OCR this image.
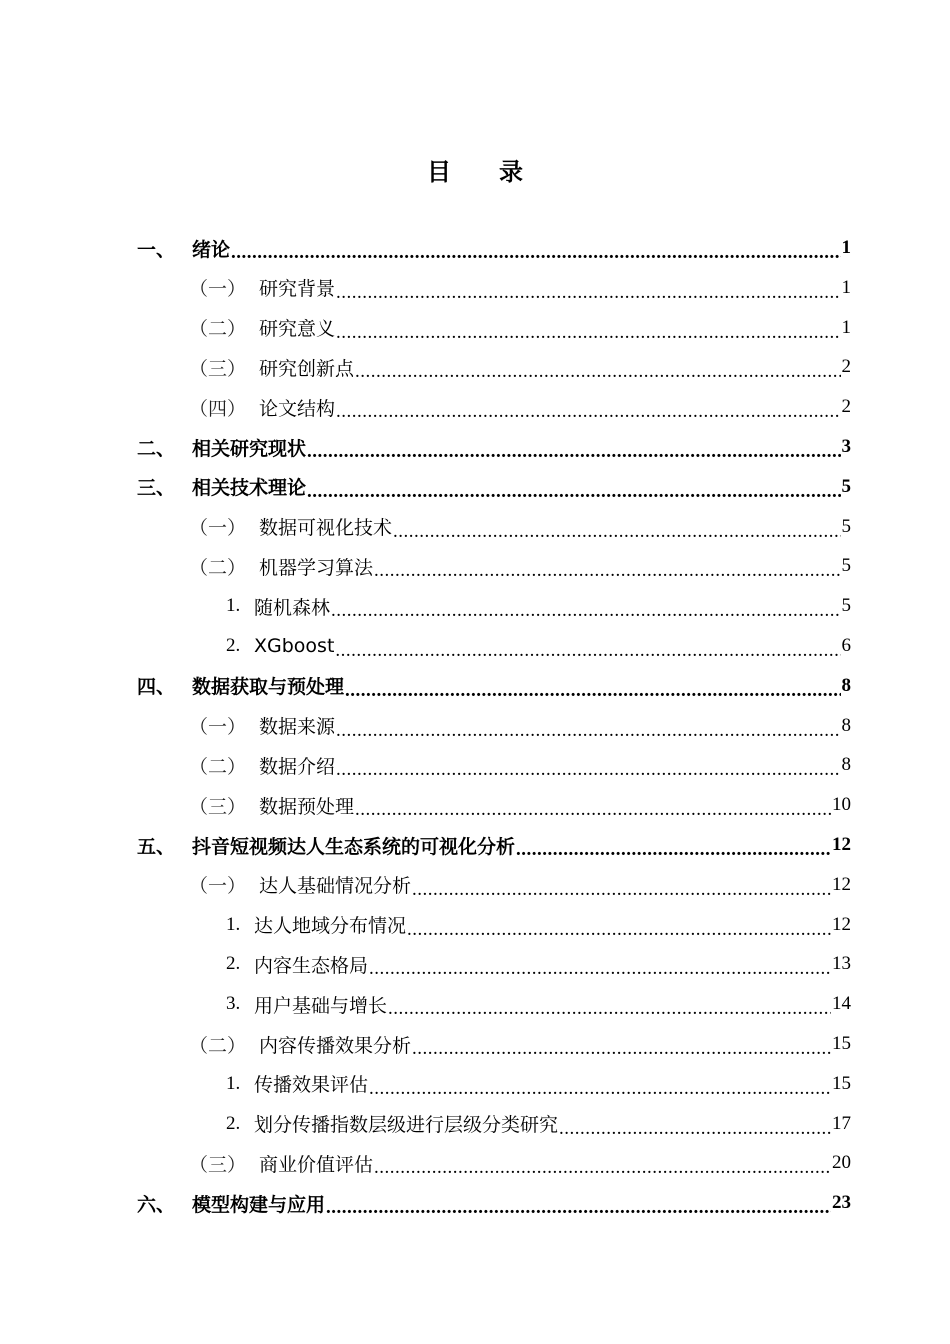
目录
一、 绪论 .....	1
（一） 研究背景 .....	1
（二） 研究意义 .....	1
（三） 研究创新点 .....	2
（四） 论文结构 .....	2
二、 相关研究现状 .....	3
三、 相关技术理论 .....	5
（一） 数据可视化技术 .....	5
（二） 机器学习算法 .....	5
1. 随机森林 .....	5
2. XGboost .....	6
四、 数据获取与预处理 .....	8
（一） 数据来源 .....	8
（二） 数据介绍 .....	8
（三） 数据预处理 .....	10
五、 抖音短视频达人生态系统的可视化分析 .....	12
（一） 达人基础情况分析 .....	12
1. 达人地域分布情况 .....	12
2. 内容生态格局 .....	13
3. 用户基础与增长 .....	14
（二） 内容传播效果分析 .....	15
1. 传播效果评估 .....	15
2. 划分传播指数层级进行层级分类研究 .....	17
（三） 商业价值评估 .....	20
六、 模型构建与应用 .....	23
